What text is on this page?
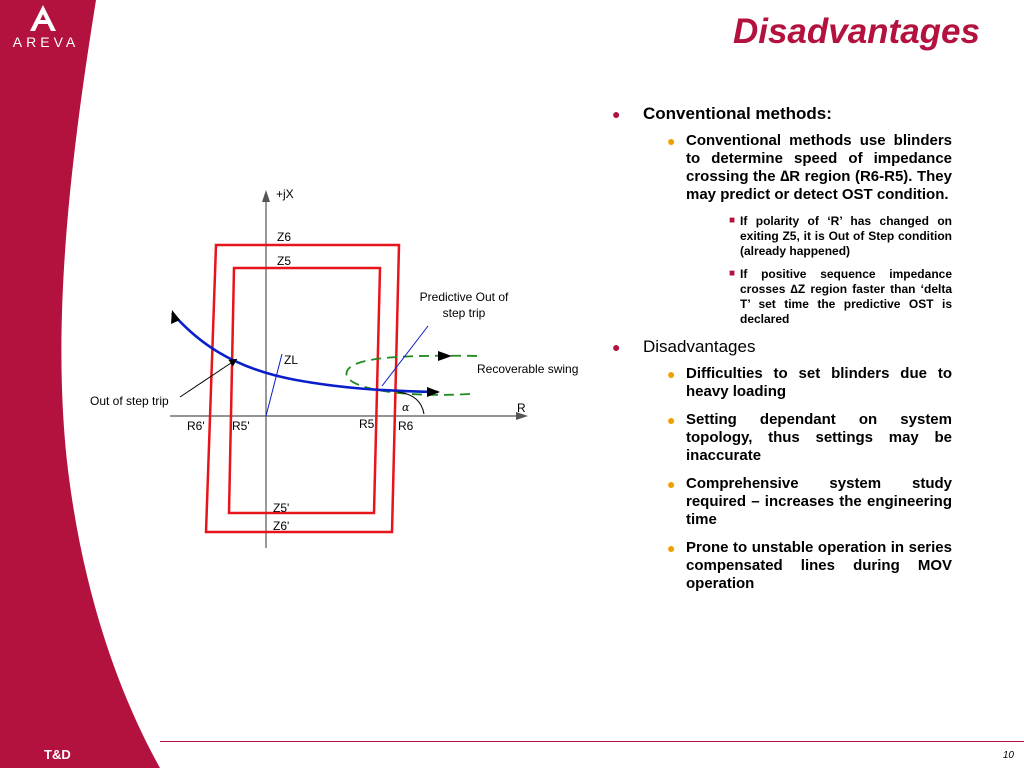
AREVA	Disadvantages
+jX
R
Z6
Z5
ZL
R6' R5'	R5 R6
Z5'
Z6'
α
Predictive Out of
step trip
Recoverable swing
Out of step trip
● Conventional methods:
● Conventional methods use blinders to determine speed of impedance crossing the ∆R region (R6-R5). They may predict or detect OST condition.
■ If polarity of ‘R’ has changed on exiting Z5, it is Out of Step condition (already happened)
■ If positive sequence impedance crosses ∆Z region faster than ‘delta T’ set time the predictive OST is declared
● Disadvantages
● Difficulties to set blinders due to heavy loading
● Setting dependant on system topology, thus settings may be inaccurate
● Comprehensive system study required – increases the engineering time
● Prone to unstable operation in series compensated lines during MOV operation
T&D	10
